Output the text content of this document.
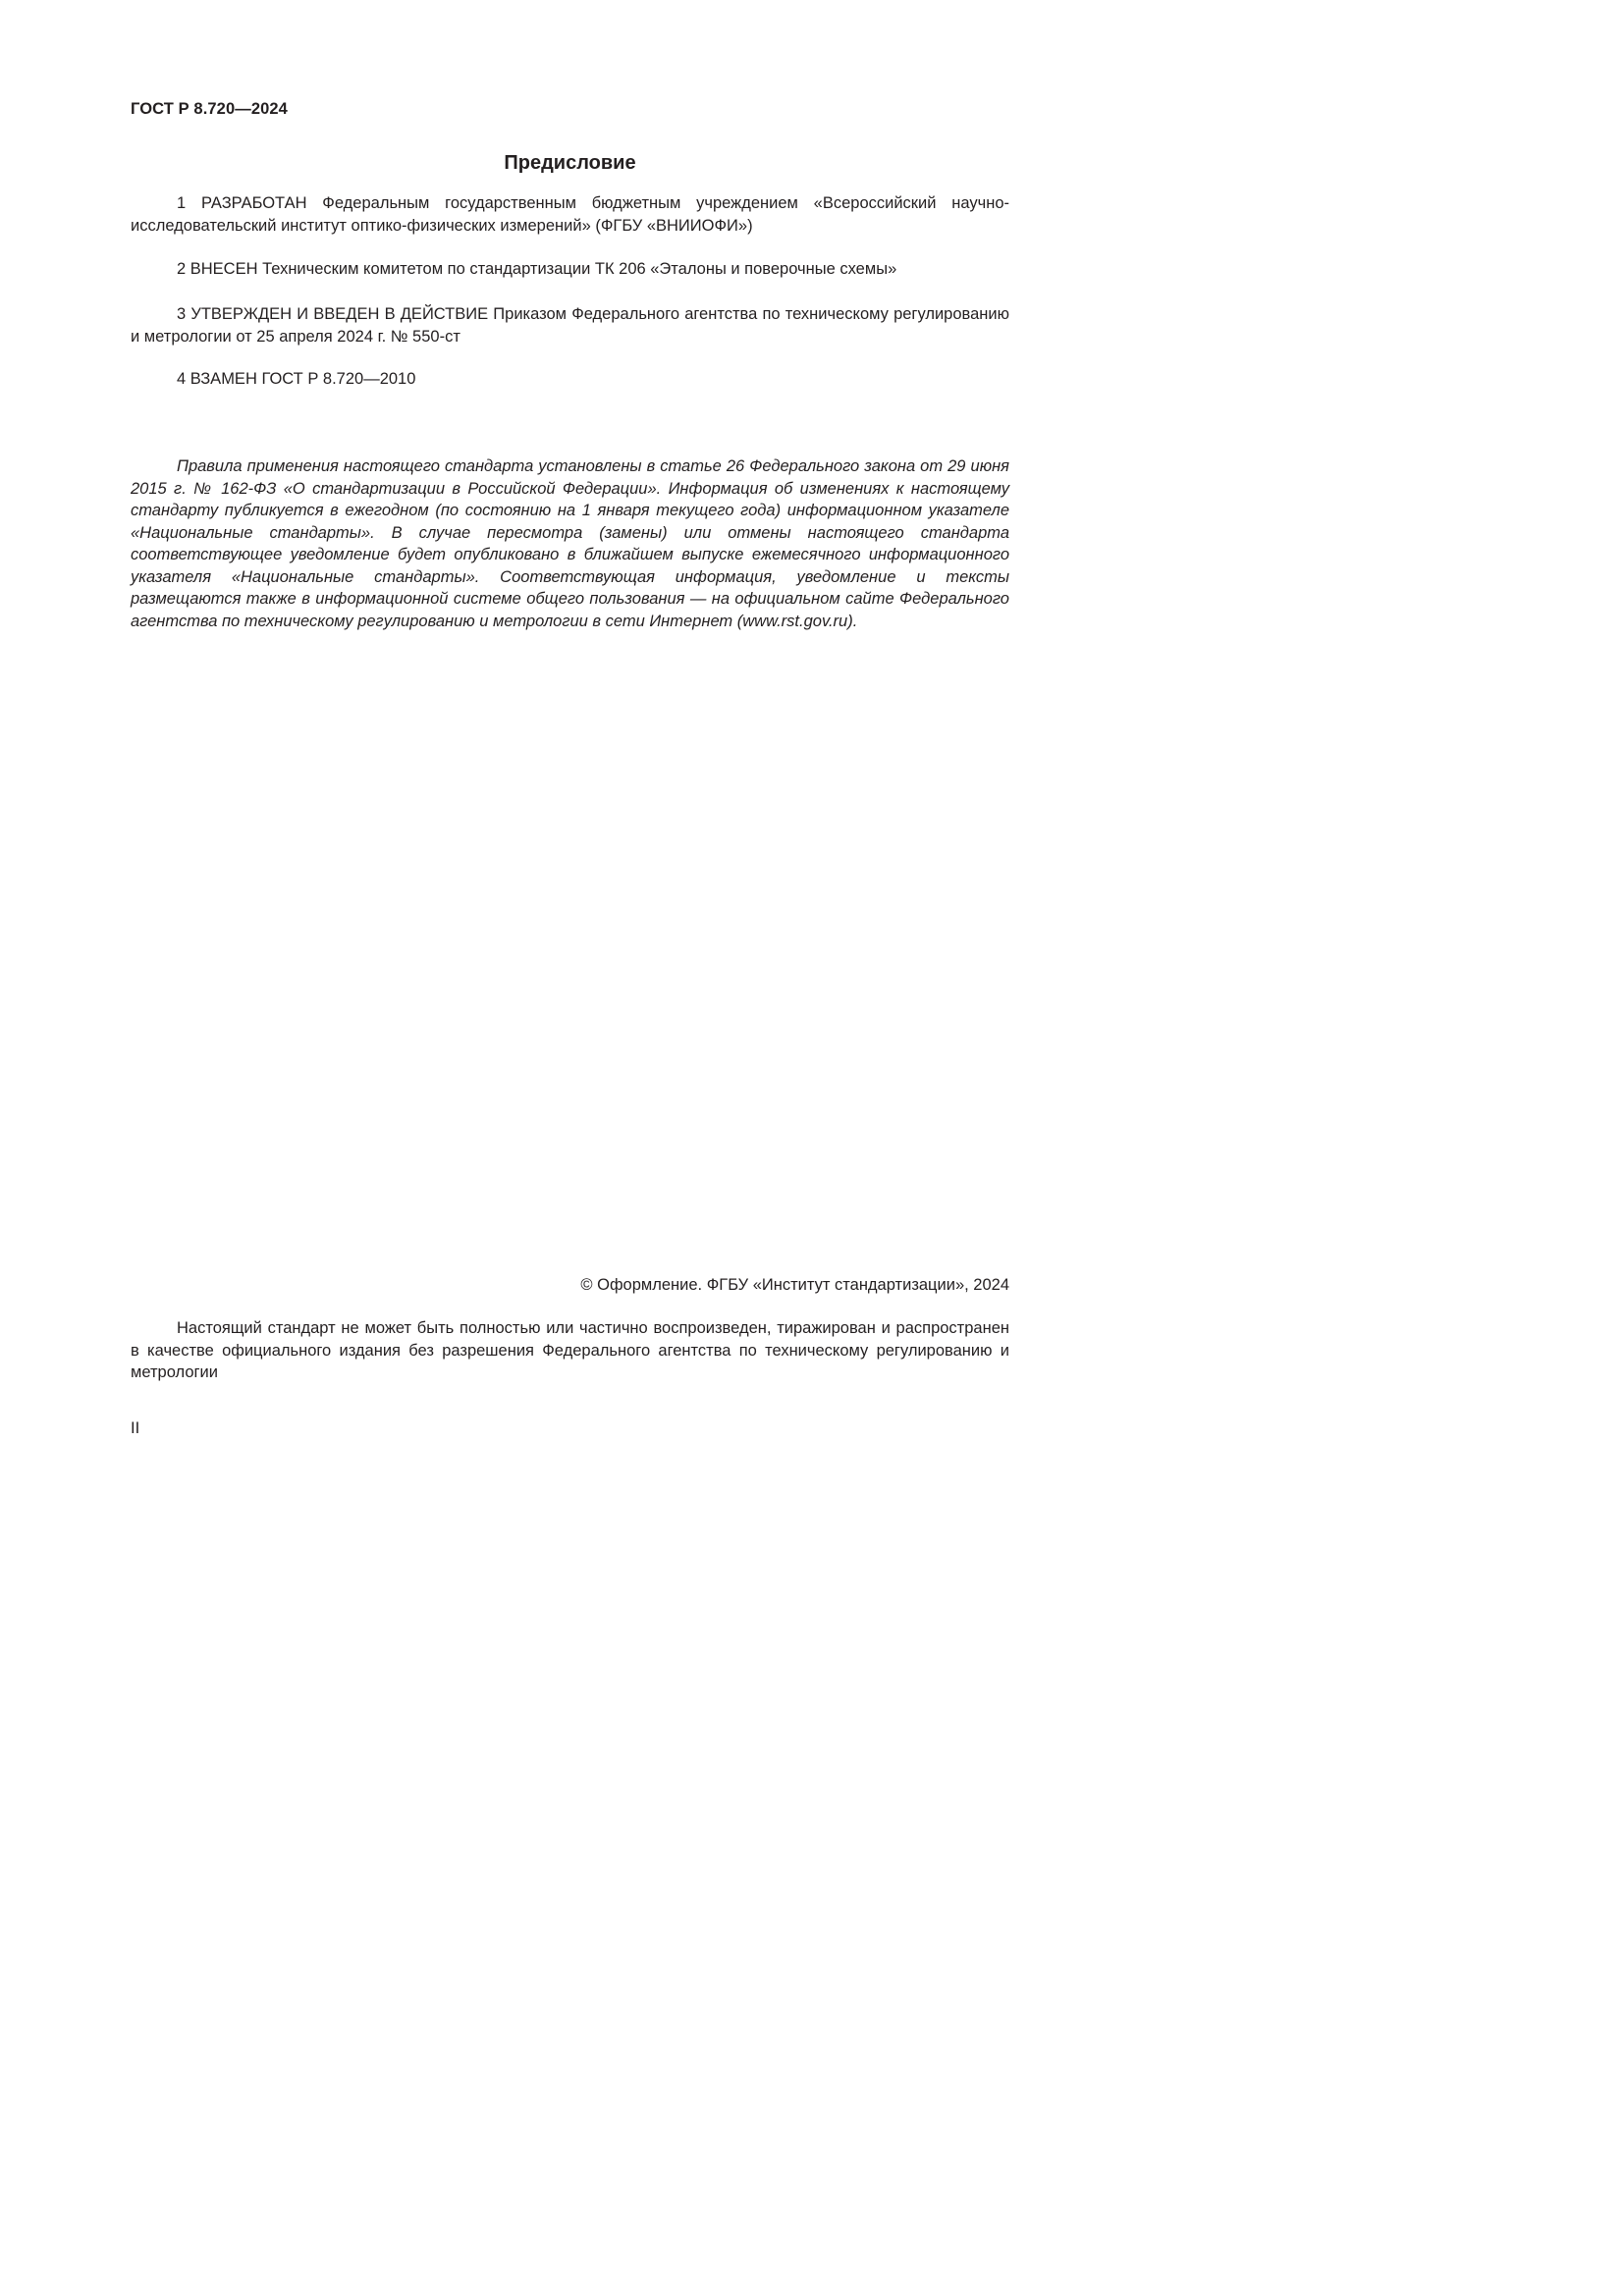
ГОСТ Р 8.720—2024
Предисловие

1 РАЗРАБОТАН Федеральным государственным бюджетным учреждением «Всероссийский научно-исследовательский институт оптико-физических измерений» (ФГБУ «ВНИИОФИ»)

2 ВНЕСЕН Техническим комитетом по стандартизации ТК 206 «Эталоны и поверочные схемы»

3 УТВЕРЖДЕН И ВВЕДЕН В ДЕЙСТВИЕ Приказом Федерального агентства по техническому регулированию и метрологии от 25 апреля 2024 г. № 550-ст

4 ВЗАМЕН ГОСТ Р 8.720—2010

Правила применения настоящего стандарта установлены в статье 26 Федерального закона от 29 июня 2015 г. № 162-ФЗ «О стандартизации в Российской Федерации». Информация об изменениях к настоящему стандарту публикуется в ежегодном (по состоянию на 1 января текущего года) информационном указателе «Национальные стандарты». В случае пересмотра (замены) или отмены настоящего стандарта соответствующее уведомление будет опубликовано в ближайшем выпуске ежемесячного информационного указателя «Национальные стандарты». Соответствующая информация, уведомление и тексты размещаются также в информационной системе общего пользования — на официальном сайте Федерального агентства по техническому регулированию и метрологии в сети Интернет (www.rst.gov.ru).

© Оформление. ФГБУ «Институт стандартизации», 2024

Настоящий стандарт не может быть полностью или частично воспроизведен, тиражирован и распространен в качестве официального издания без разрешения Федерального агентства по техническому регулированию и метрологии

II
